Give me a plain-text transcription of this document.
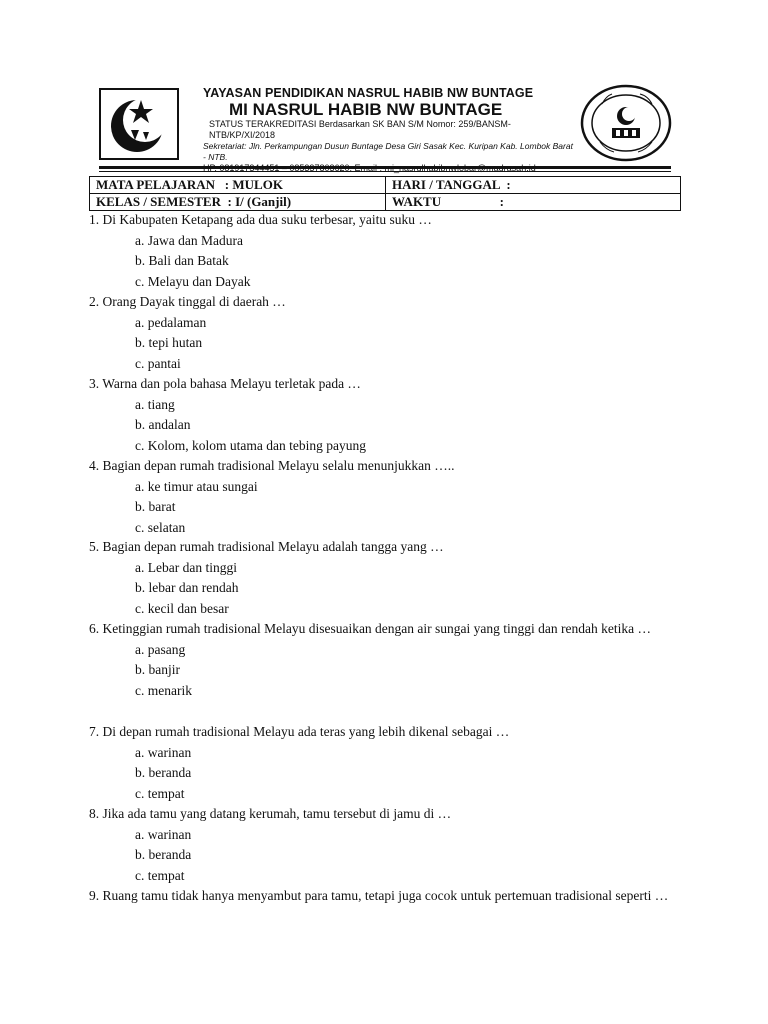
YAYASAN PENDIDIKAN NASRUL HABIB NW BUNTAGE
MI NASRUL HABIB NW BUNTAGE
STATUS TERAKREDITASI Berdasarkan SK BAN S/M Nomor: 259/BANSM-NTB/KP/XI/2018
Sekretariat: Jln. Perkampungan Dusun Buntage Desa Giri Sasak Kec. Kuripan Kab. Lombok Barat - NTB.
MATA PELAJARAN   : MULOK	HARI / TANGGAL  :
KELAS / SEMESTER  : I/ (Ganjil)	WAKTU                  :
1. Di Kabupaten Ketapang ada dua suku terbesar, yaitu suku …
a. Jawa dan Madura
b. Bali dan Batak
c. Melayu dan Dayak
2. Orang Dayak tinggal di daerah …
a. pedalaman
b. tepi hutan
c. pantai
3. Warna dan pola bahasa Melayu terletak pada …
a. tiang
b. andalan
c. Kolom, kolom utama dan tebing payung
4. Bagian depan rumah tradisional Melayu selalu menunjukkan …..
a. ke timur atau sungai
b. barat
c. selatan
5. Bagian depan rumah tradisional Melayu adalah tangga yang …
a. Lebar dan tinggi
b. lebar dan rendah
c. kecil dan besar
6. Ketinggian rumah tradisional Melayu disesuaikan dengan air sungai yang tinggi dan rendah ketika …
a. pasang
b. banjir
c. menarik
7. Di depan rumah tradisional Melayu ada teras yang lebih dikenal sebagai …
a. warinan
b. beranda
c. tempat
8. Jika ada tamu yang datang kerumah, tamu tersebut di jamu di …
a. warinan
b. beranda
c. tempat
9. Ruang tamu tidak hanya menyambut para tamu, tetapi juga cocok untuk pertemuan tradisional seperti …
